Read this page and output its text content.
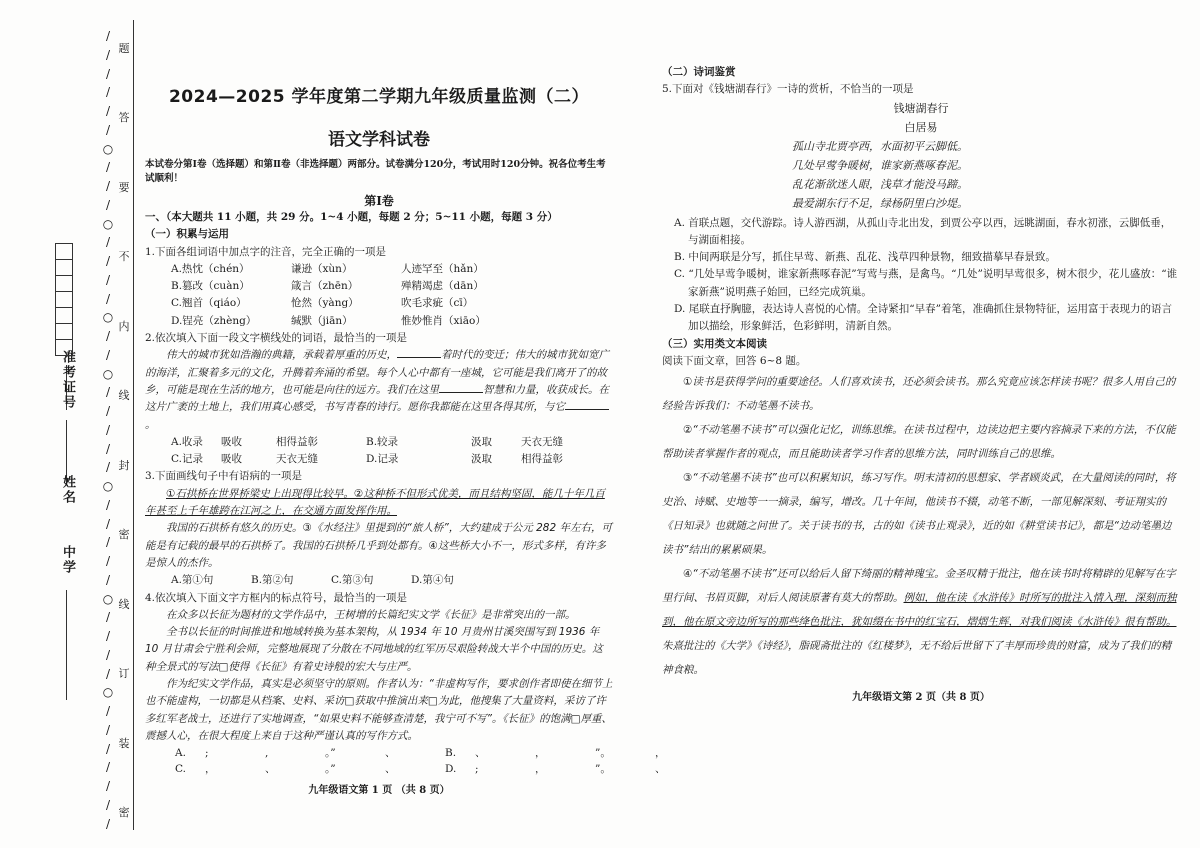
中学
姓名
准考证号
/
/
/
/
/
/
○
/
/
/
○
/
/
/
/
○
/
/
○
/
/
/
/
/
○
/
/
/
/
/
○
/
/
/
/
○
/
/
/
/
/
/
/
题
答
要
不
内
线
封
密
线
订
装
密
2024—2025 学年度第二学期九年级质量监测（二）
语文学科试卷
本试卷分第Ⅰ卷（选择题）和第Ⅱ卷（非选择题）两部分。试卷满分120分，考试用时120分钟。祝各位考生考试顺利！
第Ⅰ卷
一、（本大题共 11 小题，共 29 分。1~4 小题，每题 2 分；5~11 小题，每题 3 分）
（一）积累与运用
1.下面各组词语中加点字的注音，完全正确的一项是
A.热忱（chén）	谦逊（xùn）	人迹罕至（hǎn）
B.篡改（cuàn）	箴言（zhēn）	殚精竭虑（dān）
C.翘首（qiáo）	怆然（yàng）	吹毛求疵（cī）
D.锃亮（zhèng）	缄默（jiān）	惟妙惟肖（xiāo）
2.依次填入下面一段文字横线处的词语，最恰当的一项是
伟大的城市犹如浩瀚的典籍，承载着厚重的历史，	着时代的变迁；伟大的城市犹如宽广的海洋，汇聚着多元的文化，升腾着奔涌的希望。每个人心中都有一座城，它可能是我们离开了的故乡，可能是现在生活的地方，也可能是向往的远方。我们在这里	智慧和力量，收获成长。在这片广袤的土地上，我们用真心感受，书写青春的诗行。愿你我都能在这里各得其所，与它。
A.收录	吸收	相得益彰	B.较录	汲取	天衣无缝
C.记录	吸收	天衣无缝	D.记录	汲取	相得益彰
3.下面画线句子中有语病的一项是
①石拱桥在世界桥梁史上出现得比较早。②这种桥不但形式优美，而且结构坚固，能几十年几百年甚至上千年雄跨在江河之上，在交通方面发挥作用。
我国的石拱桥有悠久的历史。③《水经注》里提到的“旅人桥”，大约建成于公元 282 年左右，可能是有记载的最早的石拱桥了。我国的石拱桥几乎到处都有。④这些桥大小不一，形式多样，有许多是惊人的杰作。
A.第①句	B.第②句	C.第③句	D.第④句
4.依次填入下面文字方框内的标点符号，最恰当的一项是
在众多以长征为题材的文学作品中，王树增的长篇纪实文学《长征》是非常突出的一部。
全书以长征的时间推进和地域转换为基本架构，从 1934 年 10 月贵州甘溪突围写到 1936 年 10 月甘肃会宁胜利会师，完整地展现了分散在不同地域的红军历尽艰险转战大半个中国的历史。这种全景式的写法□使得《长征》有着史诗般的宏大与庄严。
作为纪实文学作品，真实是必须坚守的原则。作者认为：“非虚构写作，要求创作者即使在细节上也不能虚构，一切都是从档案、史料、采访□获取中推演出来□为此，他搜集了大量资料，采访了许多红军老战士，还进行了实地调查，“如果史料不能够查清楚，我宁可不写”。《长征》的饱满□厚重、震撼人心，在很大程度上来自于这种严谨认真的写作方式。
A.	;	,	。”	、	B.	、	，	”。	，
C.	，	、	。”	、	D.	;	，	”。	、
九年级语文第 1 页 （共 8 页）
（二）诗词鉴赏
5.下面对《钱塘湖春行》一诗的赏析，不恰当的一项是
钱塘湖春行
白居易
孤山寺北贾亭西，水面初平云脚低。
几处早莺争暖树，谁家新燕啄春泥。
乱花渐欲迷人眼，浅草才能没马蹄。
最爱湖东行不足，绿杨阴里白沙堤。
A. 首联点题，交代游踪。诗人游西湖，从孤山寺北出发，到贾公亭以西，远眺湖面，春水初涨，云脚低垂，与湖面相接。
B. 中间两联是分写，抓住早莺、新燕、乱花、浅草四种景物，细致描摹早春景致。
C. “几处早莺争暖树，谁家新燕啄春泥”写莺与燕，是禽鸟。“几处”说明早莺很多，树木很少，花儿盛放：“谁家新燕”说明燕子始回，已经完成筑巢。
D. 尾联直抒胸臆，表达诗人喜悦的心情。全诗紧扣“早春”着笔，准确抓住景物特征，运用富于表现力的语言加以描绘，形象鲜活，色彩鲜明，清新自然。
（三）实用类文本阅读
阅读下面文章，回答 6~8 题。
①读书是获得学问的重要途径。人们喜欢读书，还必须会读书。那么究竟应该怎样读书呢？很多人用自己的经验告诉我们：不动笔墨不读书。
②“不动笔墨不读书”可以强化记忆，训练思维。在读书过程中，边读边把主要内容摘录下来的方法，不仅能帮助读者掌握作者的观点，而且能助读者学习作者的思维方法，同时训练自己的思维。
③“不动笔墨不读书”也可以积累知识，练习写作。明末清初的思想家、学者顾炎武，在大量阅读的同时，将史治、诗赋、史地等一一摘录，编写，增改。几十年间，他读书不辍，动笔不断，一部见解深刻、考证翔实的《日知录》也就随之问世了。关于读书的书，古的如《读书止观录》，近的如《耕堂读书记》，都是“边动笔墨边读书”结出的累累硕果。
④“不动笔墨不读书”还可以给后人留下绮丽的精神瑰宝。金圣叹精于批注，他在读书时将精辟的见解写在字里行间、书眉页脚，对后人阅读原著有莫大的帮助。例如，他在读《水浒传》时所写的批注入情入理，深刻而独到，他在原文旁边所写的那些绛色批注，犹如缀在书中的红宝石，熠熠生辉，对我们阅读《水浒传》很有帮助。朱熹批注的《大学》《诗经》，脂砚斋批注的《红楼梦》，无不给后世留下了丰厚而珍贵的财富，成为了我们的精神食粮。
九年级语文第 2 页（共 8 页）
